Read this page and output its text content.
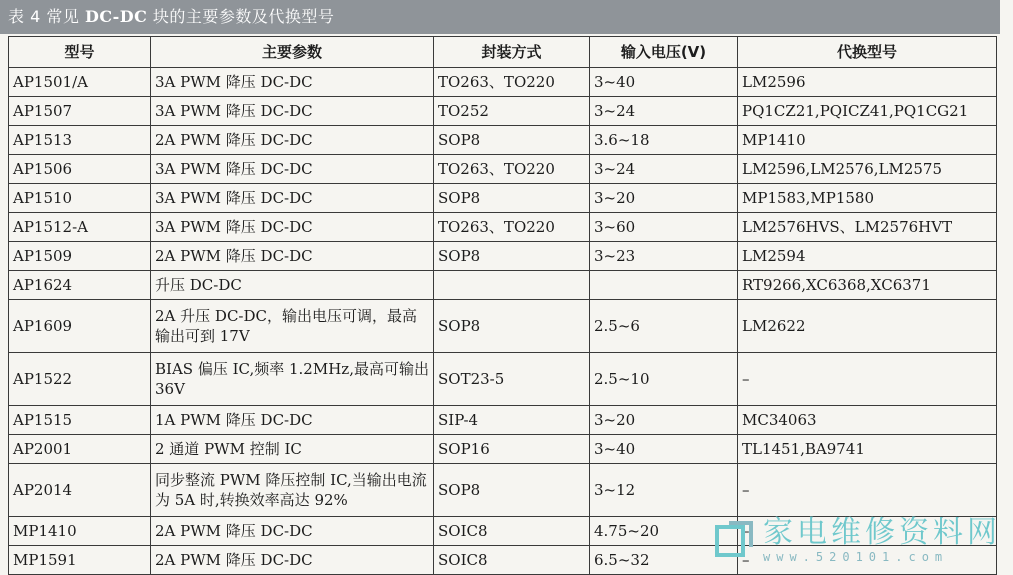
表 4 常见 DC-DC 块的主要参数及代换型号
型号	主要参数	封装方式	输入电压(V)	代换型号
AP1501/A	3A PWM 降压 DC-DC	TO263、TO220	3~40	LM2596
AP1507	3A PWM 降压 DC-DC	TO252	3~24	PQ1CZ21,PQICZ41,PQ1CG21
AP1513	2A PWM 降压 DC-DC	SOP8	3.6~18	MP1410
AP1506	3A PWM 降压 DC-DC	TO263、TO220	3~24	LM2596,LM2576,LM2575
AP1510	3A PWM 降压 DC-DC	SOP8	3~20	MP1583,MP1580
AP1512-A	3A PWM 降压 DC-DC	TO263、TO220	3~60	LM2576HVS、LM2576HVT
AP1509	2A PWM 降压 DC-DC	SOP8	3~23	LM2594
AP1624	升压 DC-DC			RT9266,XC6368,XC6371
AP1609	2A 升压 DC-DC，输出电压可调，最高输出可到 17V	SOP8	2.5~6	LM2622
AP1522	BIAS 偏压 IC,频率 1.2MHz,最高可输出 36V	SOT23-5	2.5~10	–
AP1515	1A PWM 降压 DC-DC	SIP-4	3~20	MC34063
AP2001	2 通道 PWM 控制 IC	SOP16	3~40	TL1451,BA9741
AP2014	同步整流 PWM 降压控制 IC,当输出电流为 5A 时,转换效率高达 92%	SOP8	3~12	–
MP1410	2A PWM 降压 DC-DC	SOIC8	4.75~20	–
MP1591	2A PWM 降压 DC-DC	SOIC8	6.5~32	–
家电维修资料网
www.520101.com
